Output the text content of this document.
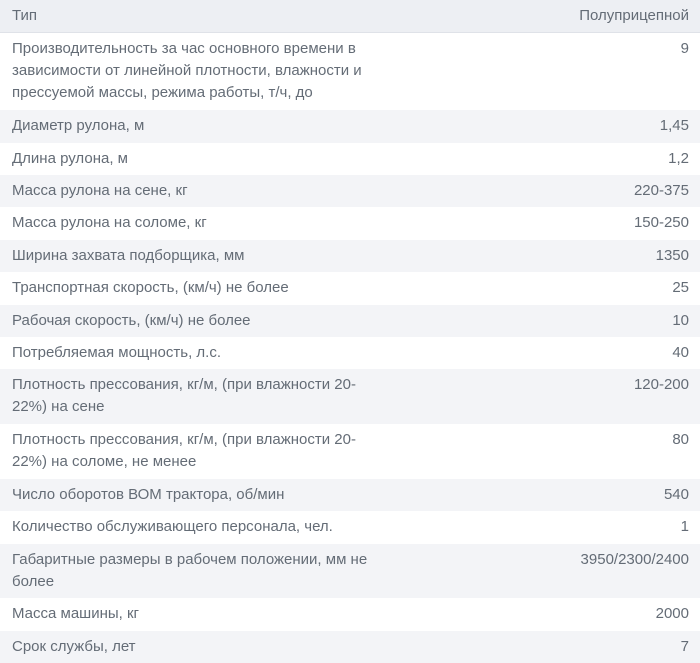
Тип	Полуприцепной
Производительность за час основного времени в зависимости от линейной плотности, влажности и прессуемой массы, режима работы, т/ч, до	9
Диаметр рулона, м	1,45
Длина рулона, м	1,2
Масса рулона на сене, кг	220-375
Масса рулона на соломе, кг	150-250
Ширина захвата подборщика, мм	1350
Транспортная скорость, (км/ч) не более	25
Рабочая скорость, (км/ч) не более	10
Потребляемая мощность, л.с.	40
Плотность прессования, кг/м, (при влажности 20-22%) на сене	120-200
Плотность прессования, кг/м, (при влажности 20-22%) на соломе, не менее	80
Число оборотов ВОМ трактора, об/мин	540
Количество обслуживающего персонала, чел.	1
Габаритные размеры в рабочем положении, мм не более	3950/2300/2400
Масса машины, кг	2000
Срок службы, лет	7
